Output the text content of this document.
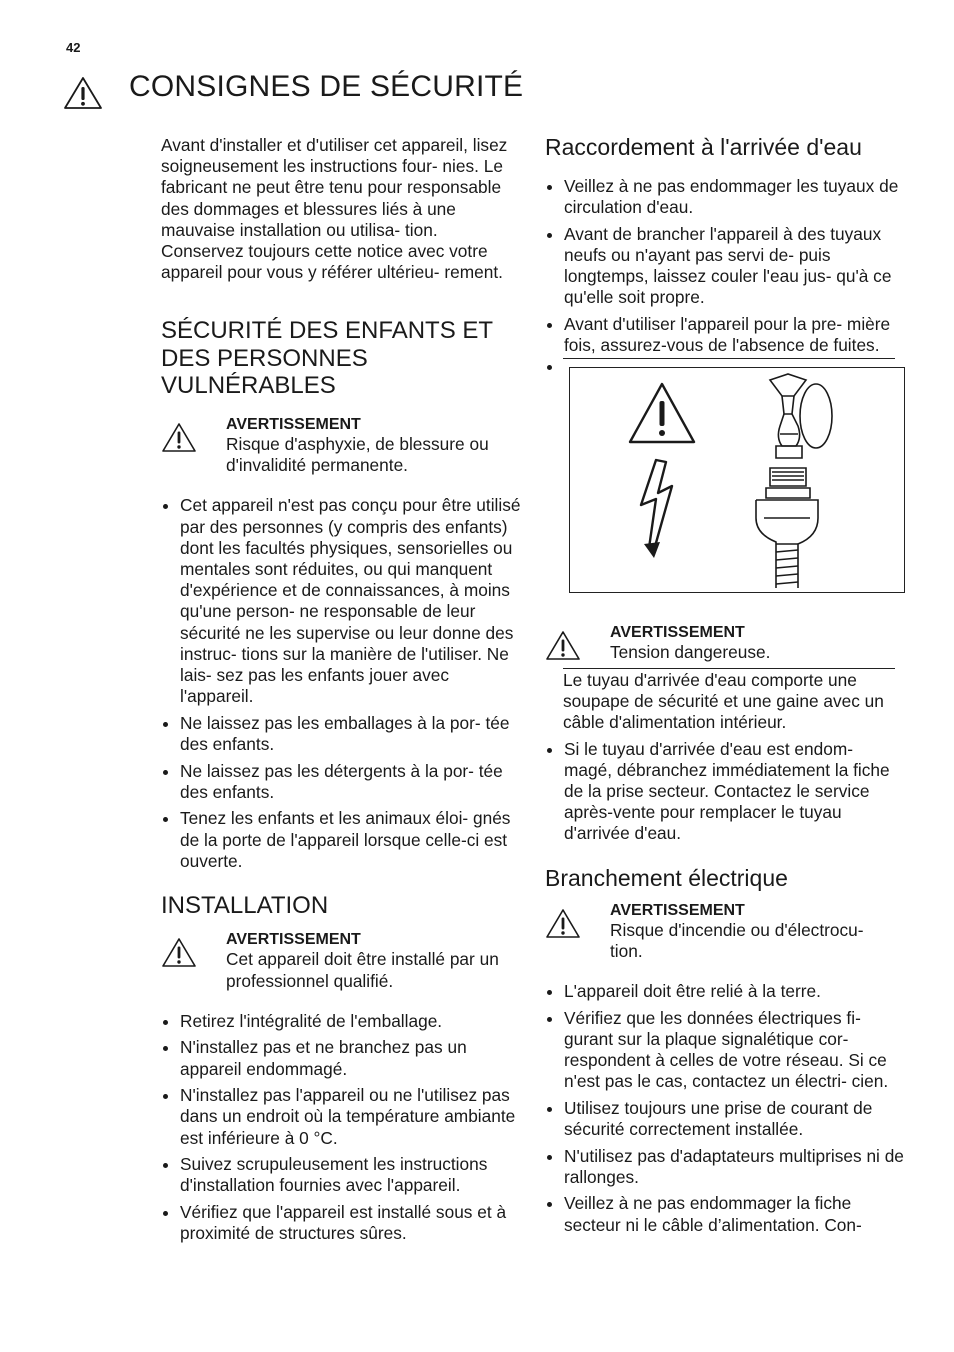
42
CONSIGNES DE SÉCURITÉ

Avant d'installer et d'utiliser cet appareil, lisez soigneusement les instructions four- nies. Le fabricant ne peut être tenu pour responsable des dommages et blessures liés à une mauvaise installation ou utilisa- tion. Conservez toujours cette notice avec votre appareil pour vous y référer ultérieu- rement.

SÉCURITÉ DES ENFANTS ET DES PERSONNES VULNÉRABLES
AVERTISSEMENT

Risque d'asphyxie, de blessure ou d'invalidité permanente.

Cet appareil n'est pas conçu pour être utilisé par des personnes (y compris des enfants) dont les facultés physiques, sensorielles ou mentales sont réduites, ou qui manquent d'expérience et de connaissances, à moins qu'une person- ne responsable de leur sécurité ne les supervise ou leur donne des instruc- tions sur la manière de l'utiliser. Ne lais- sez pas les enfants jouer avec l'appareil.
Ne laissez pas les emballages à la por- tée des enfants.
Ne laissez pas les détergents à la por- tée des enfants.
Tenez les enfants et les animaux éloi- gnés de la porte de l'appareil lorsque celle-ci est ouverte.
INSTALLATION
AVERTISSEMENT

Cet appareil doit être installé par un professionnel qualifié.

Retirez l'intégralité de l'emballage.
N'installez pas et ne branchez pas un appareil endommagé.
N'installez pas l'appareil ou ne l'utilisez pas dans un endroit où la température ambiante est inférieure à 0 °C.
Suivez scrupuleusement les instructions d'installation fournies avec l'appareil.
Vérifiez que l'appareil est installé sous et à proximité de structures sûres.
Raccordement à l'arrivée d'eau
Veillez à ne pas endommager les tuyaux de circulation d'eau.
Avant de brancher l'appareil à des tuyaux neufs ou n'ayant pas servi de- puis longtemps, laissez couler l'eau jus- qu'à ce qu'elle soit propre.
Avant d'utiliser l'appareil pour la pre- mière fois, assurez-vous de l'absence de fuites.
AVERTISSEMENT

Tension dangereuse.

Le tuyau d'arrivée d'eau comporte une soupape de sécurité et une gaine avec un câble d'alimentation intérieur.

Si le tuyau d'arrivée d'eau est endom- magé, débranchez immédiatement la fiche de la prise secteur. Contactez le service après-vente pour remplacer le tuyau d'arrivée d'eau.
Branchement électrique
AVERTISSEMENT

Risque d'incendie ou d'électrocu- tion.

L'appareil doit être relié à la terre.
Vérifiez que les données électriques fi- gurant sur la plaque signalétique cor- respondent à celles de votre réseau. Si ce n'est pas le cas, contactez un électri- cien.
Utilisez toujours une prise de courant de sécurité correctement installée.
N'utilisez pas d'adaptateurs multiprises ni de rallonges.
Veillez à ne pas endommager la fiche secteur ni le câble d’alimentation. Con-
